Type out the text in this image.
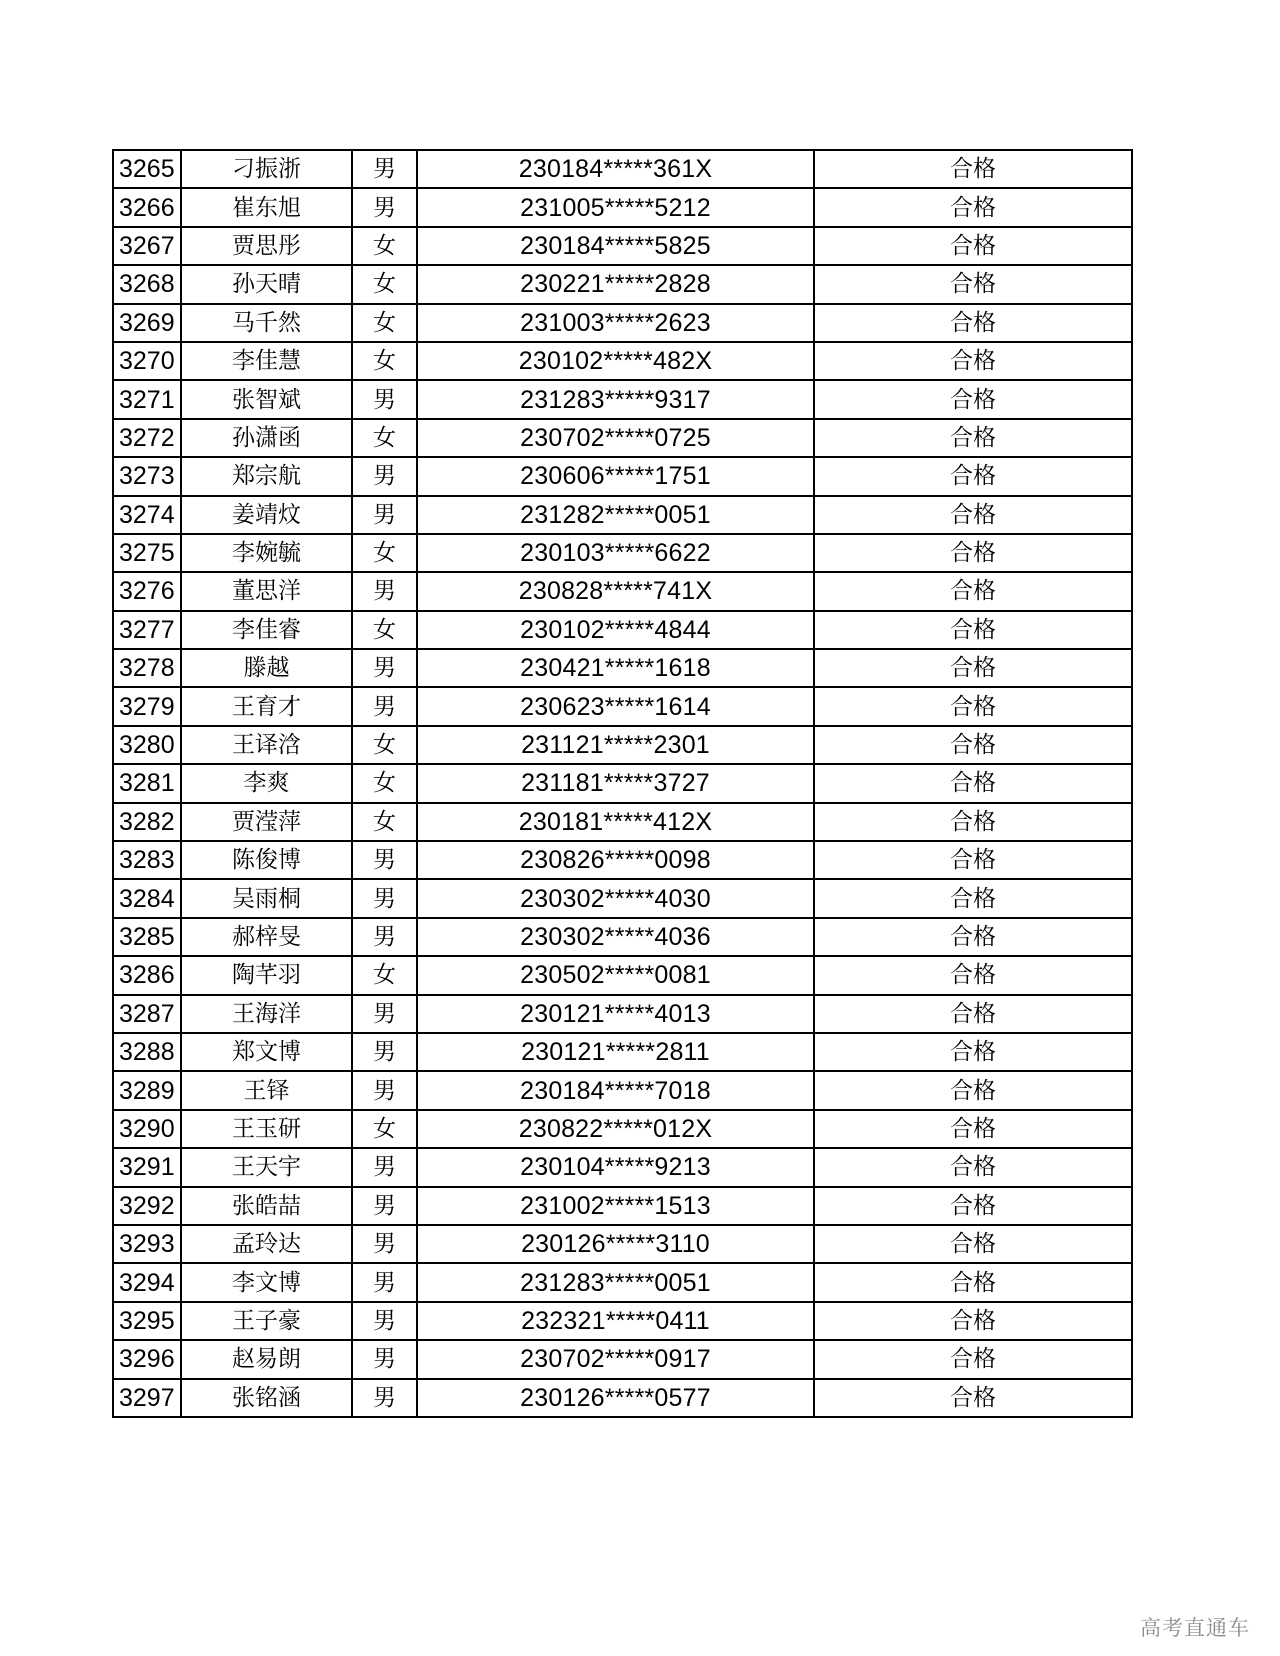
3265	刁振浙	男	230184*****361X	合格
3266	崔东旭	男	231005*****5212	合格
3267	贾思彤	女	230184*****5825	合格
3268	孙天晴	女	230221*****2828	合格
3269	马千然	女	231003*****2623	合格
3270	李佳慧	女	230102*****482X	合格
3271	张智斌	男	231283*****9317	合格
3272	孙潇函	女	230702*****0725	合格
3273	郑宗航	男	230606*****1751	合格
3274	姜靖炆	男	231282*****0051	合格
3275	李婉毓	女	230103*****6622	合格
3276	董思洋	男	230828*****741X	合格
3277	李佳睿	女	230102*****4844	合格
3278	滕越	男	230421*****1618	合格
3279	王育才	男	230623*****1614	合格
3280	王译浛	女	231121*****2301	合格
3281	李爽	女	231181*****3727	合格
3282	贾滢萍	女	230181*****412X	合格
3283	陈俊博	男	230826*****0098	合格
3284	吴雨桐	男	230302*****4030	合格
3285	郝梓旻	男	230302*****4036	合格
3286	陶芊羽	女	230502*****0081	合格
3287	王海洋	男	230121*****4013	合格
3288	郑文博	男	230121*****2811	合格
3289	王铎	男	230184*****7018	合格
3290	王玉研	女	230822*****012X	合格
3291	王天宇	男	230104*****9213	合格
3292	张皓喆	男	231002*****1513	合格
3293	孟玲达	男	230126*****3110	合格
3294	李文博	男	231283*****0051	合格
3295	王子豪	男	232321*****0411	合格
3296	赵易朗	男	230702*****0917	合格
3297	张铭涵	男	230126*****0577	合格
高考直通车
